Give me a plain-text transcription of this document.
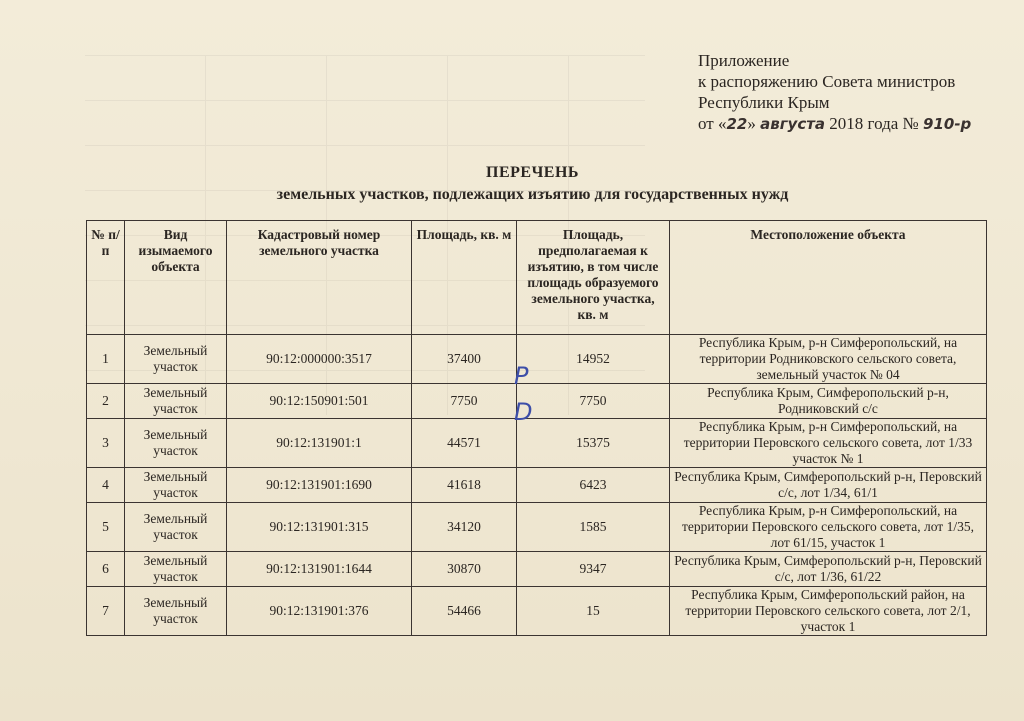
Приложение
к распоряжению Совета министров
Республики Крым
от «22» августа 2018 года № 910-р
ПЕРЕЧЕНЬ
земельных участков, подлежащих изъятию для государственных нужд
№ п/п	Вид изымаемого объекта	Кадастровый номер земельного участка	Площадь, кв. м	Площадь, предполагаемая к изъятию, в том числе площадь образуемого земельного участка, кв. м	Местоположение объекта
1	Земельный участок	90:12:000000:3517	37400	14952	Республика Крым, р-н Симферопольский, на территории Родниковского сельского совета, земельный участок № 04
2	Земельный участок	90:12:150901:501	7750	7750	Республика Крым, Симферопольский р-н, Родниковский с/с
3	Земельный участок	90:12:131901:1	44571	15375	Республика Крым, р-н Симферопольский, на территории Перовского сельского совета, лот 1/33 участок № 1
4	Земельный участок	90:12:131901:1690	41618	6423	Республика Крым, Симферопольский р-н, Перовский с/с, лот 1/34, 61/1
5	Земельный участок	90:12:131901:315	34120	1585	Республика Крым, р-н Симферопольский, на территории Перовского сельского совета, лот 1/35, лот 61/15, участок 1
6	Земельный участок	90:12:131901:1644	30870	9347	Республика Крым, Симферопольский р-н, Перовский с/с, лот 1/36, 61/22
7	Земельный участок	90:12:131901:376	54466	15	Республика Крым, Симферопольский район, на территории Перовского сельского совета, лот 2/1, участок 1
Р
D
